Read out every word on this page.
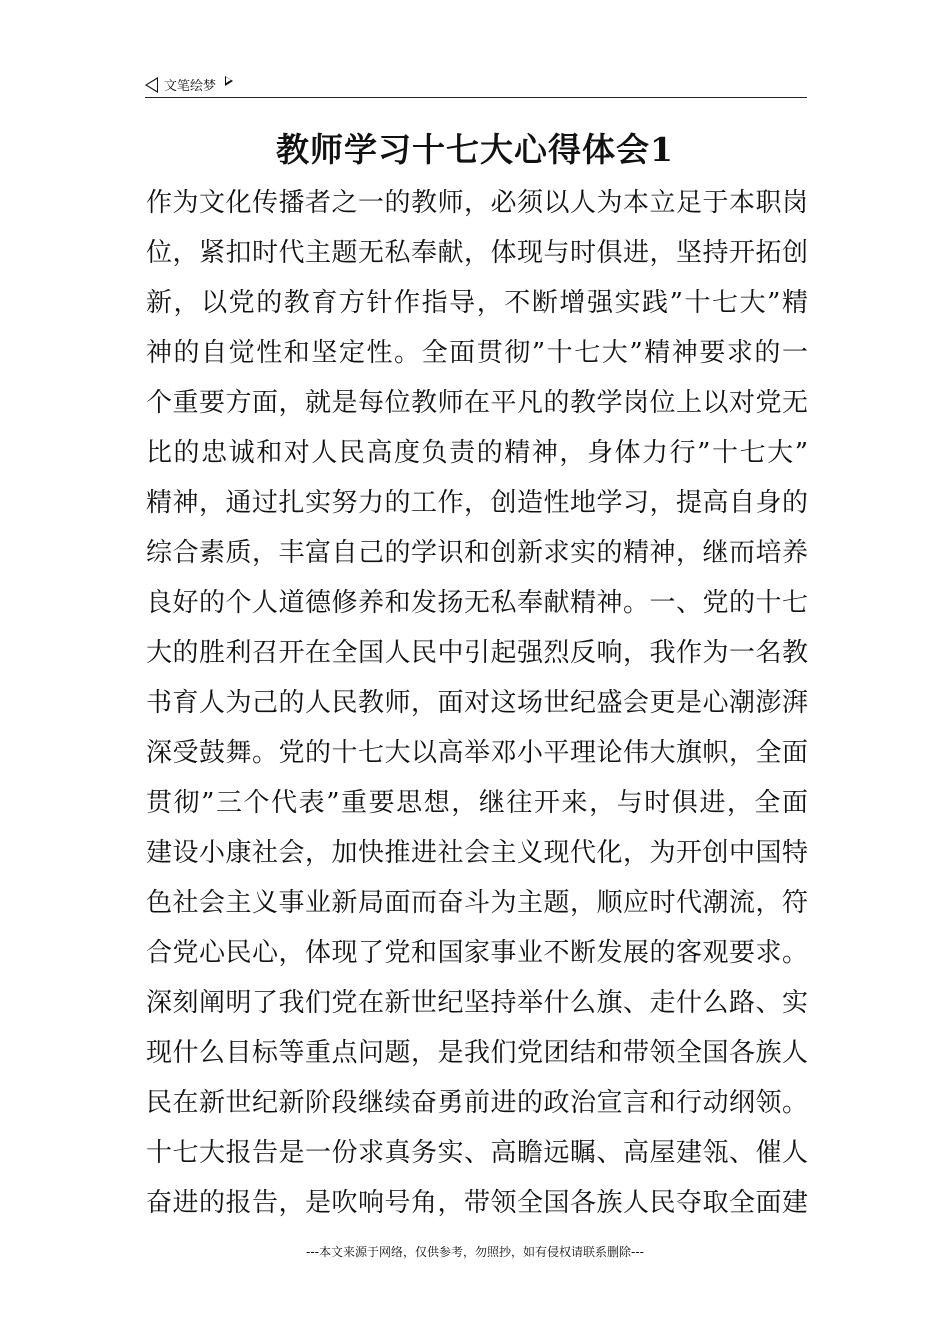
文笔绘梦
教师学习十七大心得体会1
作为文化传播者之一的教师，必须以人为本立足于本职岗
位，紧扣时代主题无私奉献，体现与时俱进，坚持开拓创
新，以党的教育方针作指导，不断增强实践”十七大”精
神的自觉性和坚定性。全面贯彻”十七大”精神要求的一
个重要方面，就是每位教师在平凡的教学岗位上以对党无
比的忠诚和对人民高度负责的精神，身体力行”十七大”
精神，通过扎实努力的工作，创造性地学习，提高自身的
综合素质，丰富自己的学识和创新求实的精神，继而培养
良好的个人道德修养和发扬无私奉献精神。一、党的十七
大的胜利召开在全国人民中引起强烈反响，我作为一名教
书育人为己的人民教师，面对这场世纪盛会更是心潮澎湃
深受鼓舞。党的十七大以高举邓小平理论伟大旗帜，全面
贯彻”三个代表”重要思想，继往开来，与时俱进，全面
建设小康社会，加快推进社会主义现代化，为开创中国特
色社会主义事业新局面而奋斗为主题，顺应时代潮流，符
合党心民心，体现了党和国家事业不断发展的客观要求。
深刻阐明了我们党在新世纪坚持举什么旗、走什么路、实
现什么目标等重点问题，是我们党团结和带领全国各族人
民在新世纪新阶段继续奋勇前进的政治宣言和行动纲领。
十七大报告是一份求真务实、高瞻远瞩、高屋建瓴、催人
奋进的报告，是吹响号角，带领全国各族人民夺取全面建
---本文来源于网络，仅供参考，勿照抄，如有侵权请联系删除---
